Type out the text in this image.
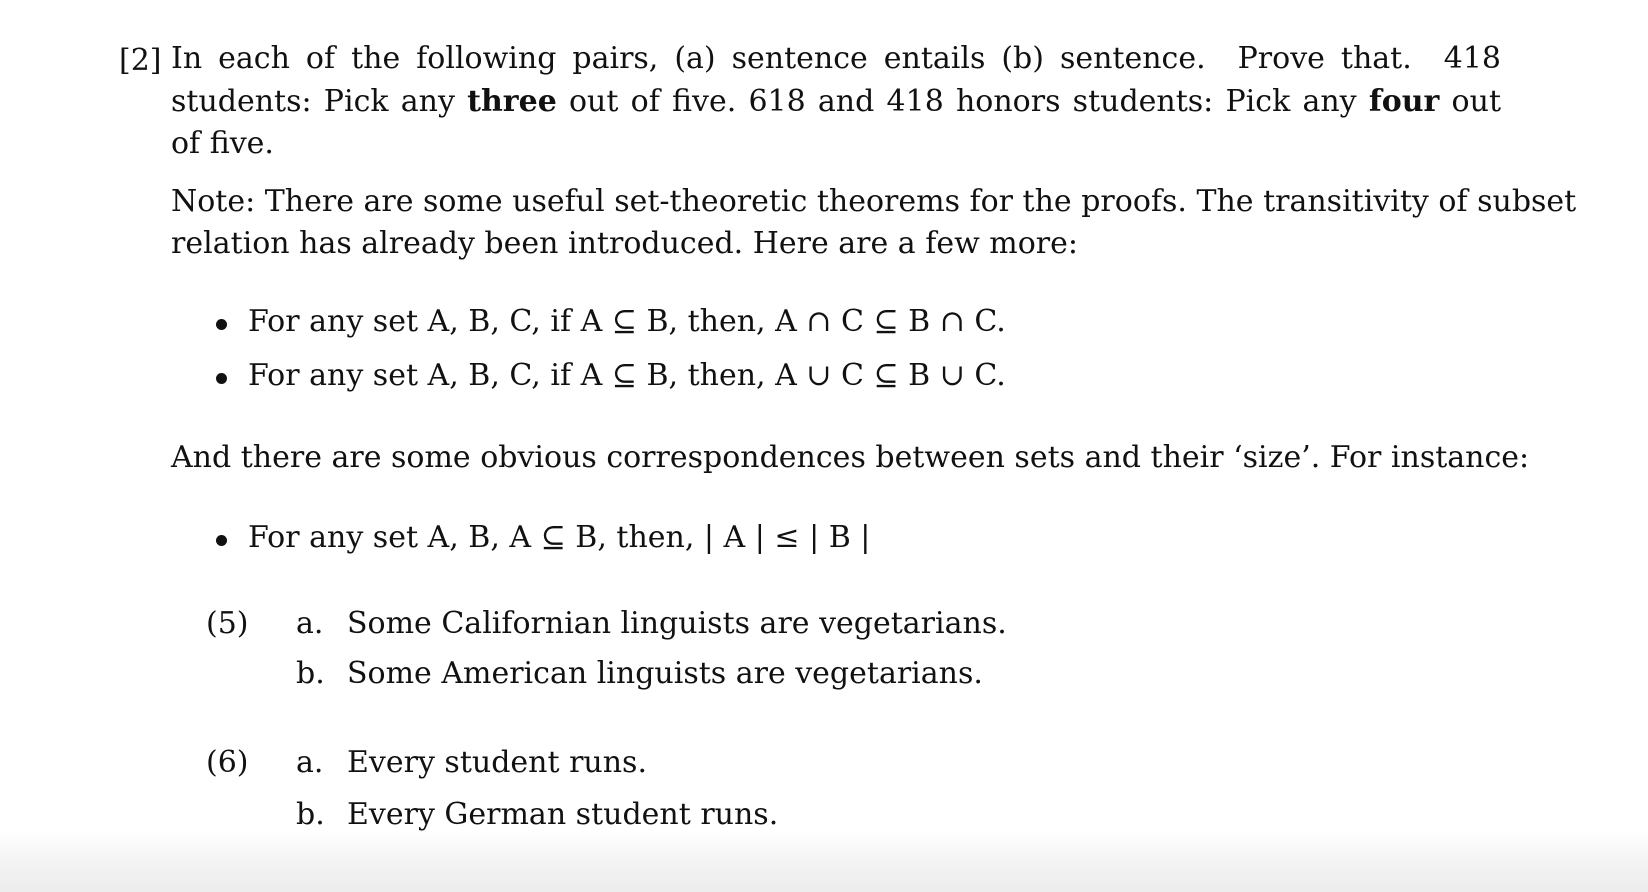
[2] In each of the following pairs, (a) sentence entails (b) sentence.  Prove that.  418
students: Pick any three out of five. 618 and 418 honors students: Pick any four out
of five.
Note: There are some useful set-theoretic theorems for the proofs. The transitivity of subset
relation has already been introduced. Here are a few more:
For any set A, B, C, if A ⊆ B, then, A ∩ C ⊆ B ∩ C.
For any set A, B, C, if A ⊆ B, then, A ∪ C ⊆ B ∪ C.
And there are some obvious correspondences between sets and their ‘size’. For instance:
For any set A, B, A ⊆ B, then, | A | ≤ | B |
(5) a. Some Californian linguists are vegetarians.
b. Some American linguists are vegetarians.
(6) a. Every student runs.
b. Every German student runs.
